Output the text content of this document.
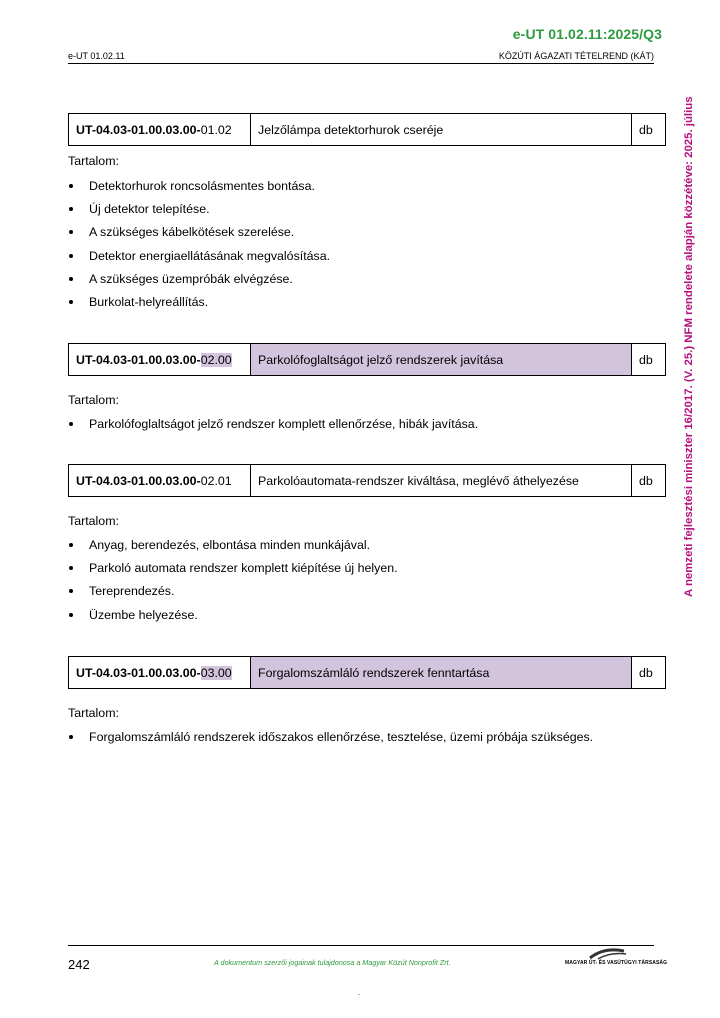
e-UT 01.02.11:2025/Q3
e-UT 01.02.11	KÖZÚTI ÁGAZATI TÉTELREND (KÁT)
A nemzeti fejlesztési miniszter 16/2017. (V. 25.) NFM rendelete alapján közzétéve: 2025. július
UT-04.03-01.00.03.00- 01.02	Jelzőlámpa detektorhurok cseréje	db
Tartalom:
Detektorhurok roncsolásmentes bontása.
Új detektor telepítése.
A szükséges kábelkötések szerelése.
Detektor energiaellátásának megvalósítása.
A szükséges üzempróbák elvégzése.
Burkolat-helyreállítás.
UT-04.03-01.00.03.00- 02.00	Parkolófoglaltságot jelző rendszerek javítása	db
Tartalom:
Parkolófoglaltságot jelző rendszer komplett ellenőrzése, hibák javítása.
UT-04.03-01.00.03.00- 02.01	Parkolóautomata-rendszer kiváltása, meglévő áthelyezése	db
Tartalom:
Anyag, berendezés, elbontása minden munkájával.
Parkoló automata rendszer komplett kiépítése új helyen.
Tereprendezés.
Üzembe helyezése.
UT-04.03-01.00.03.00- 03.00	Forgalomszámláló rendszerek fenntartása	db
Tartalom:
Forgalomszámláló rendszerek időszakos ellenőrzése, tesztelése, üzemi próbája szükséges.
242	A dokumentum szerzői jogainak tulajdonosa a Magyar Közút Nonprofit Zrt.	MAGYAR ÚT- ÉS VASÚTÜGYI TÁRSASÁG
